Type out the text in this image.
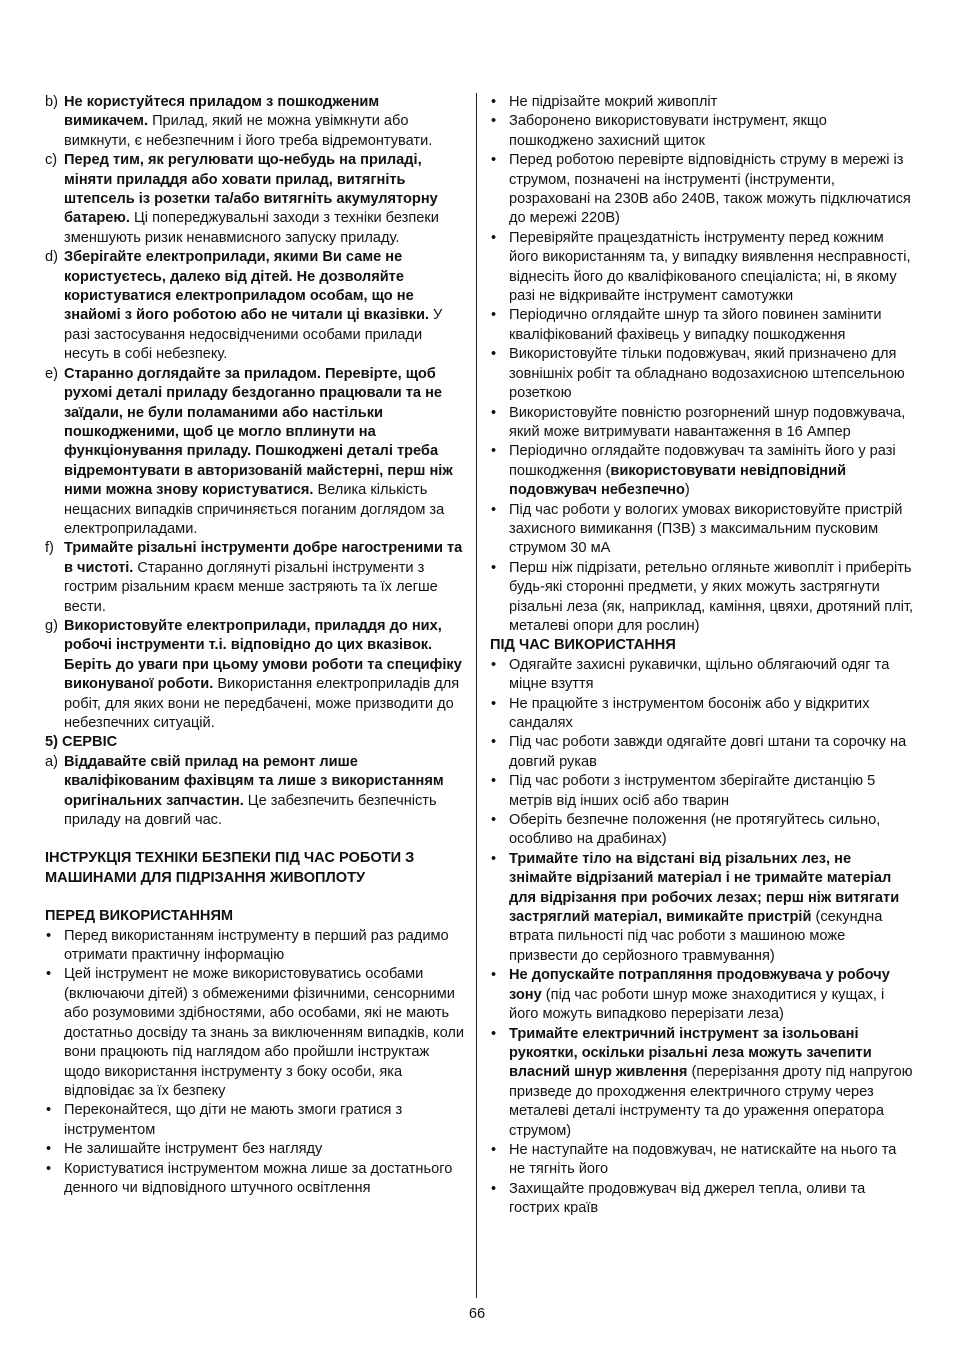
b) Не користуйтеся приладом з пошкодженим вимикачем. Прилад, який не можна увімкнути або вимкнути, є небезпечним і його треба відремонтувати.

c) Перед тим, як регулювати що-небудь на приладі, міняти приладдя або ховати прилад, витягніть штепсель із розетки та/або витягніть акумуляторну батарею. Ці попереджувальні заходи з техніки безпеки зменшують ризик ненавмисного запуску приладу.

d) Зберігайте електроприлади, якими Ви саме не користуєтесь, далеко від дітей. Не дозволяйте користуватися електроприладом особам, що не знайомі з його роботою або не читали ці вказівки. У разі застосування недосвідченими особами прилади несуть в собі небезпеку.

e) Старанно доглядайте за приладом. Перевірте, щоб рухомі деталі приладу бездоганно працювали та не заїдали, не були поламаними або настільки пошкодженими, щоб це могло вплинути на функціонування приладу. Пошкоджені деталі треба відремонтувати в авторизованій майстерні, перш ніж ними можна знову користуватися. Велика кількість нещасних випадків спричиняється поганим доглядом за електроприладами.

f) Тримайте різальні інструменти добре нагостреними та в чистоті. Старанно доглянуті різальні інструменти з гострим різальним краєм менше застряють та їх легше вести.

g) Використовуйте електроприлади, приладдя до них, робочі інструменти т.і. відповідно до цих вказівок. Беріть до уваги при цьому умови роботи та специфіку виконуваної роботи. Використання електроприладів для робіт, для яких вони не передбачені, може призводити до небезпечних ситуацій.

5) СЕРВІС

a) Віддавайте свій прилад на ремонт лише кваліфікованим фахівцям та лише з використанням оригінальних запчастин. Це забезпечить безпечність приладу на довгий час.

ІНСТРУКЦІЯ ТЕХНІКИ БЕЗПЕКИ ПІД ЧАС РОБОТИ З МАШИНАМИ ДЛЯ ПІДРІЗАННЯ ЖИВОПЛОТУ

ПЕРЕД ВИКОРИСТАННЯМ

• Перед використанням інструменту в перший раз радимо отримати практичну інформацію

• Цей інструмент не може використовуватись особами (включаючи дітей) з обмеженими фізичними, сенсорними або розумовими здібностями, або особами, які не мають достатньо досвіду та знань за виключенням випадків, коли вони працюють під наглядом або пройшли інструктаж щодо використання інструменту з боку особи, яка відповідає за їх безпеку

• Переконайтеся, що діти не мають змоги гратися з інструментом

• Не залишайте інструмент без нагляду

• Користуватися інструментом можна лише за достатнього денного чи відповідного штучного освітлення

• Не підрізайте мокрий живопліт

• Заборонено використовувати інструмент, якщо пошкоджено захисний щиток

• Перед роботою перевірте відповідність струму в мережі із струмом, позначені на інструменті (інструменти, розраховані на 230В або 240В, також можуть підключатися до мережі 220В)

• Перевіряйте працездатність інструменту перед кожним його використанням та, у випадку виявлення несправності, віднесіть його до кваліфікованого спеціаліста; ні, в якому разі не відкривайте інструмент самотужки

• Періодично оглядайте шнур та зйого повинен замінити кваліфікований фахівець у випадку пошкодження

• Використовуйте тільки подовжувач, який призначено для зовнішніх робіт та обладнано водозахисною штепсельною розеткою

• Використовуйте повністю розгорнений шнур подовжувача, який може витримувати навантаження в 16 Ампер

• Періодично оглядайте подовжувач та замініть його у разі пошкодження (використовувати невідповідний подовжувач небезпечно)

• Під час роботи у вологих умовах використовуйте пристрій захисного вимикання (ПЗВ) з максимальним пусковим струмом 30 мА

• Перш ніж підрізати, ретельно огляньте живопліт і приберіть будь-які сторонні предмети, у яких можуть застрягнути різальні леза (як, наприклад, каміння, цвяхи, дротяний пліт, металеві опори для рослин)

ПІД ЧАС ВИКОРИСТАННЯ

• Одягайте захисні рукавички, щільно облягаючий одяг та міцне взуття

• Не працюйте з інструментом босоніж або у відкритих сандалях

• Під час роботи завжди одягайте довгі штани та сорочку на довгий рукав

• Під час роботи з інструментом зберігайте дистанцію 5 метрів від інших осіб або тварин

• Оберіть безпечне положення (не протягуйтесь сильно, особливо на драбинах)

• Тримайте тіло на відстані від різальних лез, не знімайте відрізаний матеріал і не тримайте матеріал для відрізання при робочих лезах; перш ніж витягати застряглий матеріал, вимикайте пристрій (секундна втрата пильності під час роботи з машиною може призвести до серйозного травмування)

• Не допускайте потрапляння продовжувача у робочу зону (під час роботи шнур може знаходитися у кущах, і його можуть випадково перерізати леза)

• Тримайте електричний інструмент за ізольовані рукоятки, оскільки різальні леза можуть зачепити власний шнур живлення (перерізання дроту під напругою призведе до проходження електричного струму через металеві деталі інструменту та до ураження оператора струмом)

• Не наступайте на подовжувач, не натискайте на нього та не тягніть його

• Захищайте продовжувач від джерел тепла, оливи та гострих країв

66
